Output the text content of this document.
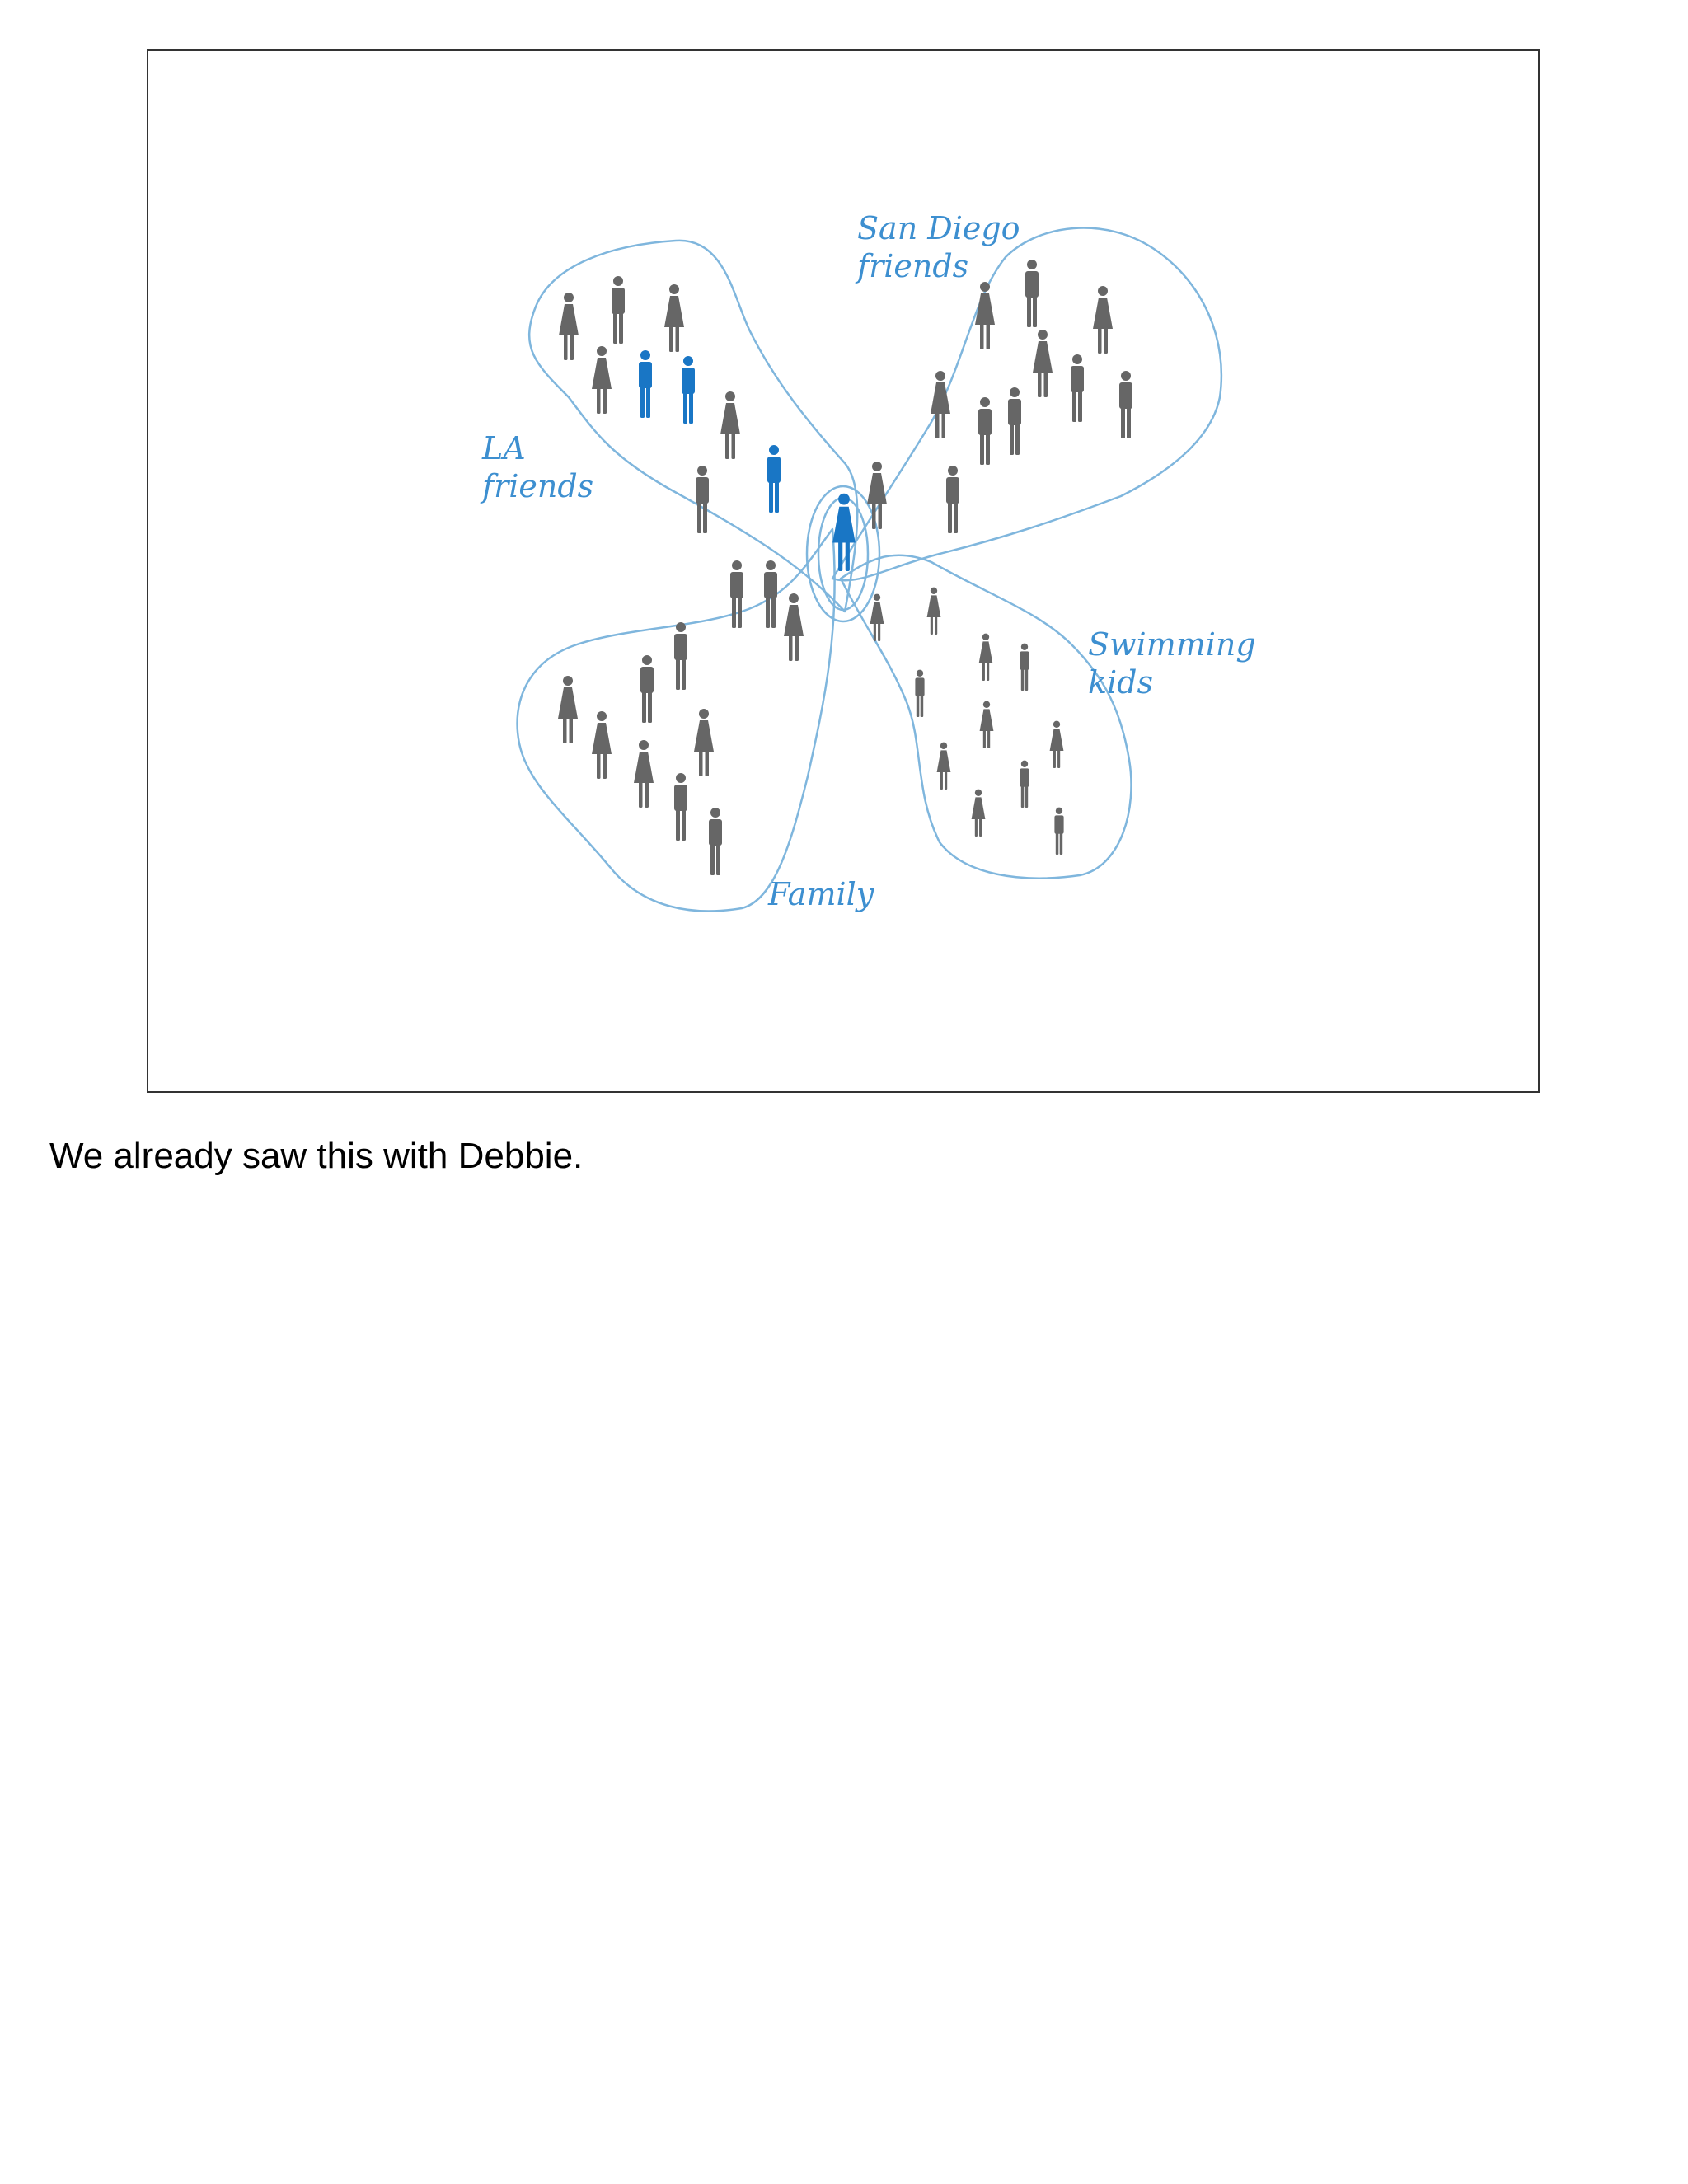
San Diego friends
LA friends
Swimming kids
Family

We already saw this with Debbie.
